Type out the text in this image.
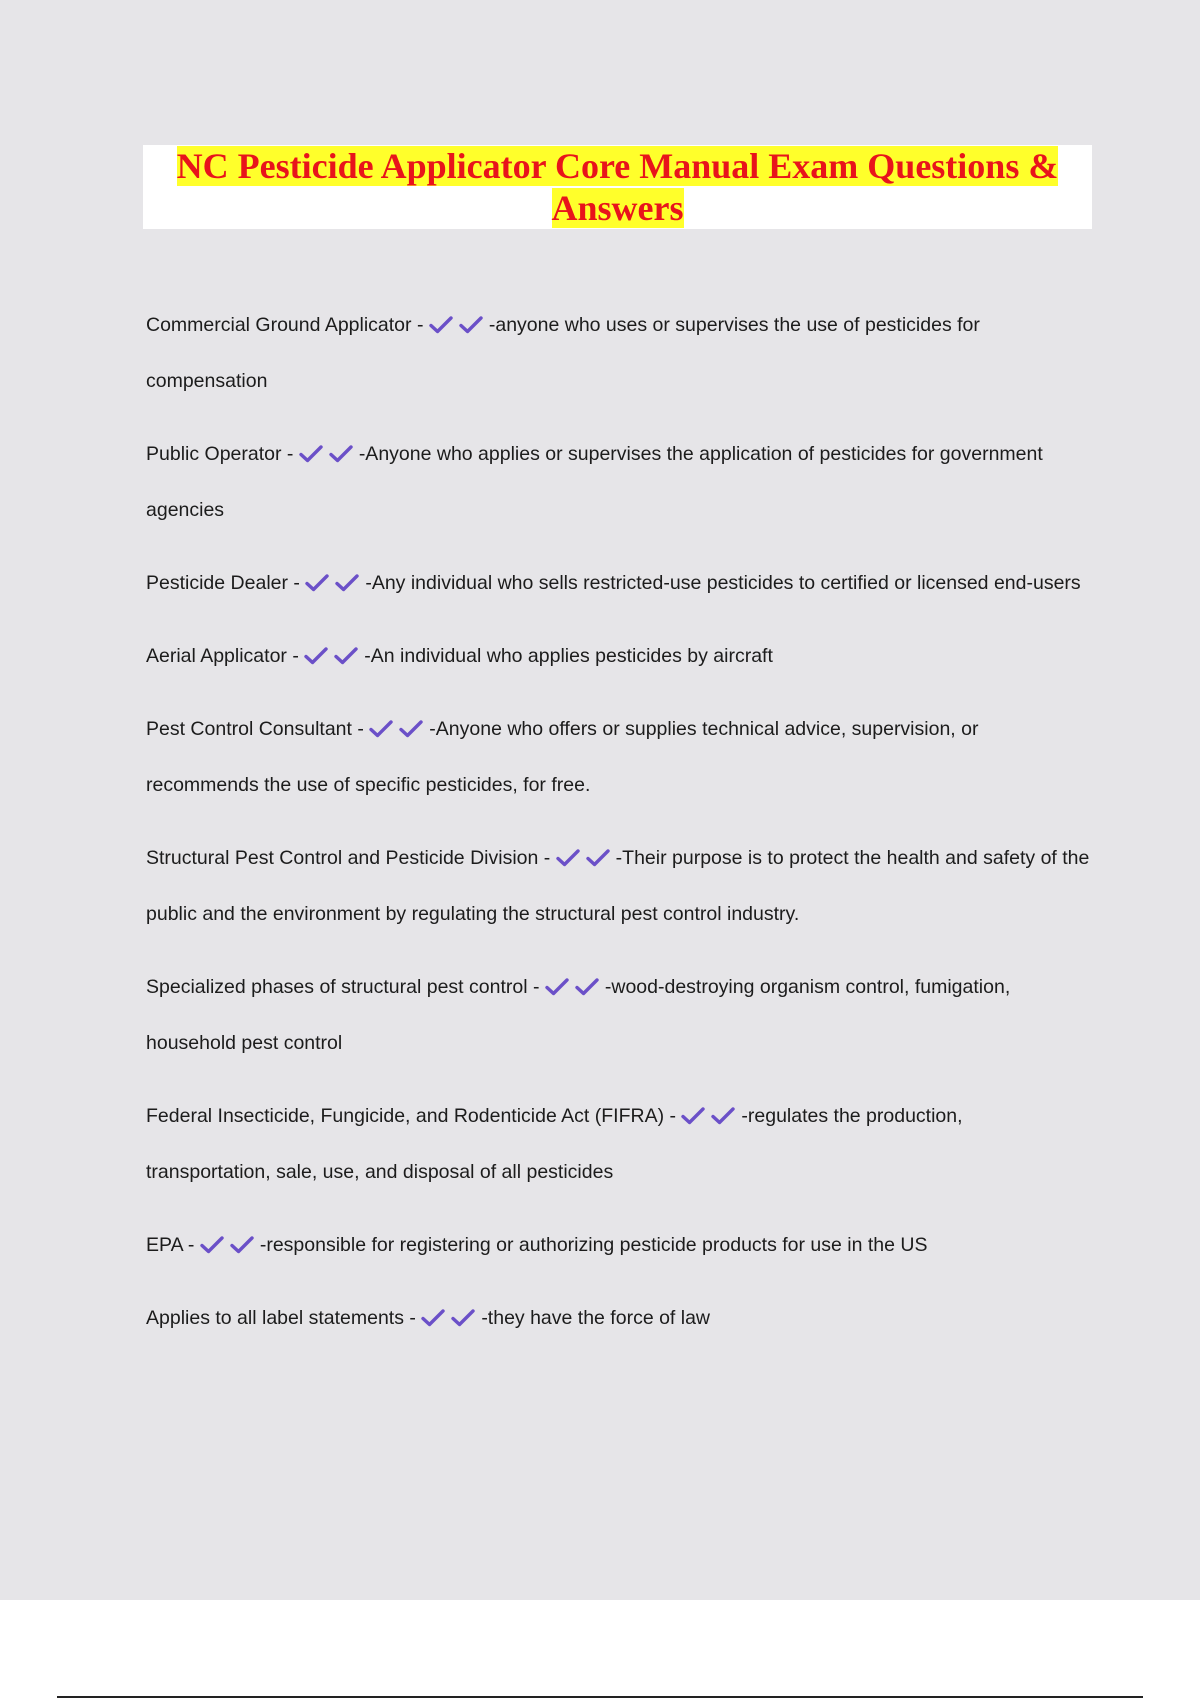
NC Pesticide Applicator Core Manual Exam Questions &
Answers
Commercial Ground Applicator -	-anyone who uses or supervises the use of pesticides for compensation
Public Operator -	-Anyone who applies or supervises the application of pesticides for government agencies
Pesticide Dealer -	-Any individual who sells restricted-use pesticides to certified or licensed end-users
Aerial Applicator -	-An individual who applies pesticides by aircraft
Pest Control Consultant -	-Anyone who offers or supplies technical advice, supervision, or recommends the use of specific pesticides, for free.
Structural Pest Control and Pesticide Division -	-Their purpose is to protect the health and safety of the public and the environment by regulating the structural pest control industry.
Specialized phases of structural pest control -	-wood-destroying organism control, fumigation, household pest control
Federal Insecticide, Fungicide, and Rodenticide Act (FIFRA) -	-regulates the production, transportation, sale, use, and disposal of all pesticides
EPA -	-responsible for registering or authorizing pesticide products for use in the US
Applies to all label statements -	-they have the force of law
